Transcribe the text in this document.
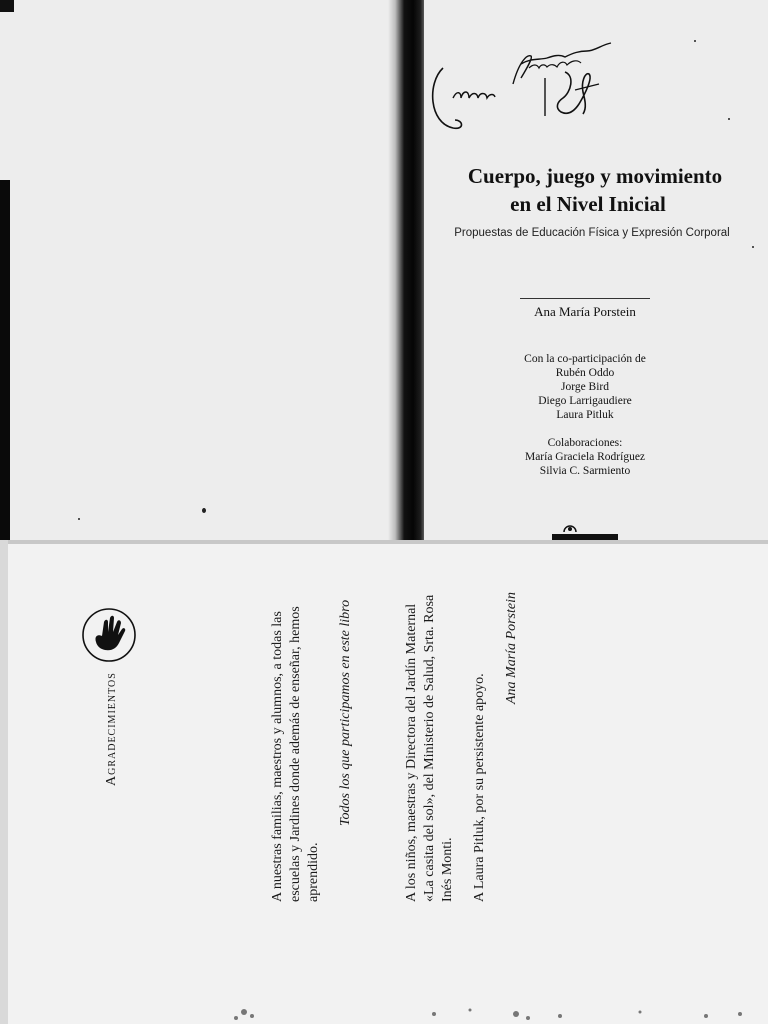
Cuerpo, juego y movimiento
en el Nivel Inicial
Propuestas de Educación Física y Expresión Corporal
Ana María Porstein
Con la co-participación de
Rubén Oddo
Jorge Bird
Diego Larrigaudiere
Laura Pitluk
Colaboraciones:
María Graciela Rodríguez
Silvia C. Sarmiento
Agradecimientos	A nuestras familias, maestros y alumnos, a todas las escuelas y Jardines donde además de enseñar, hemos aprendido.
Todos los que participamos en este libro	A los niños, maestras y Directora del Jardín Maternal «La casita del sol», del Ministerio de Salud, Srta. Rosa Inés Monti. A Laura Pitluk, por su persistente apoyo.
Ana María Porstein
